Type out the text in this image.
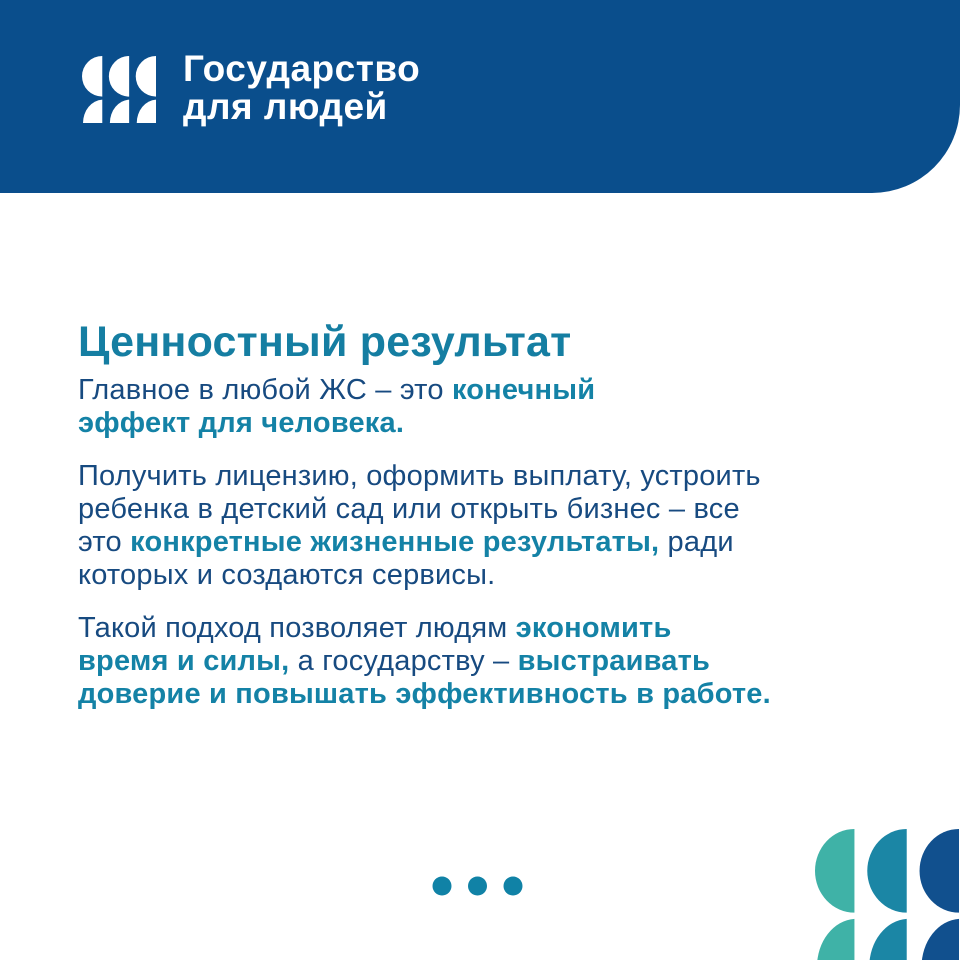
Государство
для людей
Ценностный результат

Главное в любой ЖС – это конечный
эффект для человека.

Получить лицензию, оформить выплату, устроить
ребенка в детский сад или открыть бизнес – все
это конкретные жизненные результаты, ради
которых и создаются сервисы.

Такой подход позволяет людям экономить
время и силы, а государству – выстраивать
доверие и повышать эффективность в работе.
